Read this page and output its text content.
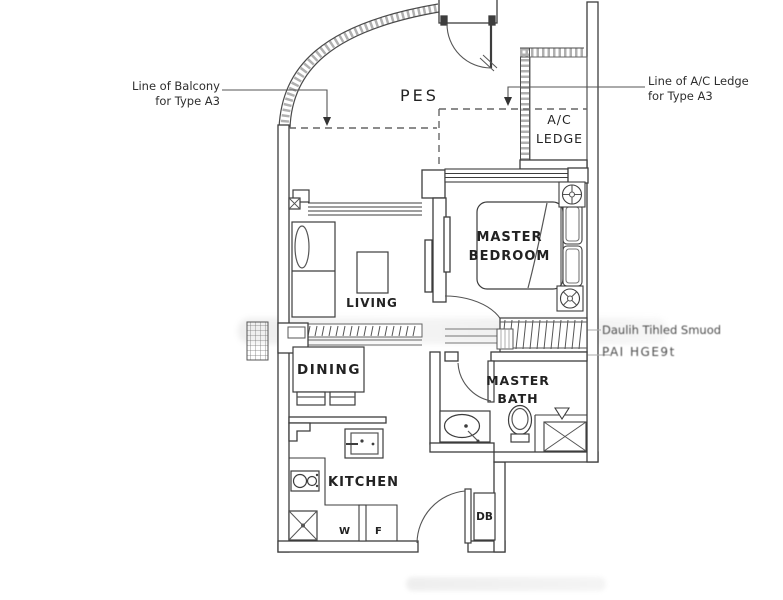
Line of Balcony
for Type A3
Line of A/C Ledge
for Type A3
Daulih Tihled Smuod
PAI HGE9t
PES
A/C
LEDGE
MASTER
BEDROOM
LIVING
DINING
MASTER
BATH
KITCHEN
DB
W F
